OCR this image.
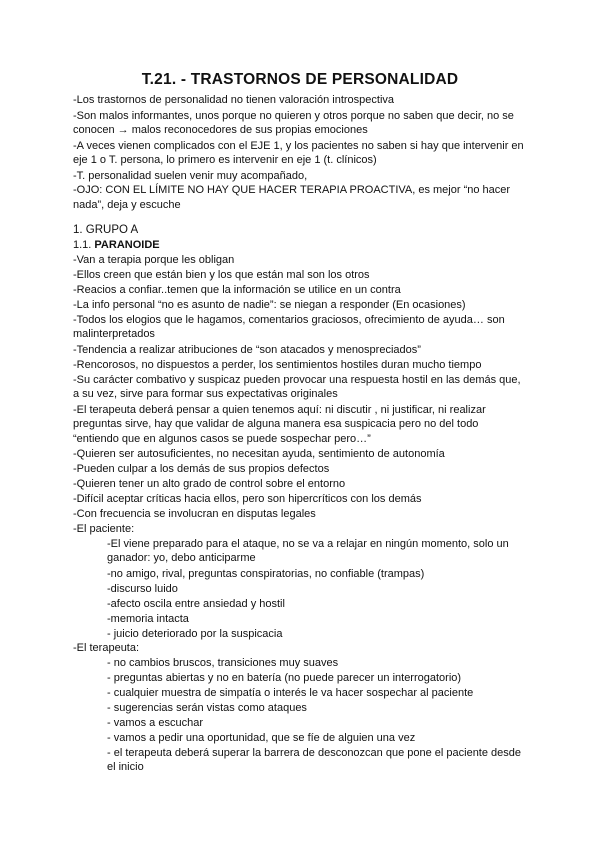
T.21. - TRASTORNOS DE PERSONALIDAD
-Los trastornos de personalidad no tienen valoración introspectiva
-Son malos informantes, unos porque no quieren y otros porque no saben que decir, no se
conocen → malos reconocedores de sus propias emociones
-A veces vienen complicados con el EJE 1, y los pacientes no saben si hay que intervenir en
eje 1 o T. persona, lo primero es intervenir en eje 1 (t. clínicos)
-T. personalidad suelen venir muy acompañado,
-OJO: CON EL LÍMITE NO HAY QUE HACER TERAPIA PROACTIVA, es mejor “no hacer
nada”, deja y escuche
1. GRUPO A
1.1. PARANOIDE
-Van a terapia porque les obligan
-Ellos creen que están bien y los que están mal son los otros
-Reacios a confiar..temen que la información se utilice en un contra
-La info personal “no es asunto de nadie”: se niegan a responder (En ocasiones)
-Todos los elogios que le hagamos, comentarios graciosos, ofrecimiento de ayuda… son
malinterpretados
-Tendencia a realizar atribuciones de “son atacados y menospreciados”
-Rencorosos, no dispuestos a perder, los sentimientos hostiles duran mucho tiempo
-Su carácter combativo y suspicaz pueden provocar una respuesta hostil en las demás que,
a su vez, sirve para formar sus expectativas originales
-El terapeuta deberá pensar a quien tenemos aquí: ni discutir , ni justificar, ni realizar
preguntas sirve, hay que validar de alguna manera esa suspicacia pero no del todo
“entiendo que en algunos casos se puede sospechar pero…”
-Quieren ser autosuficientes, no necesitan ayuda, sentimiento de autonomía
-Pueden culpar a los demás de sus propios defectos
-Quieren tener un alto grado de control sobre el entorno
-Difícil aceptar críticas hacia ellos, pero son hipercríticos con los demás
-Con frecuencia se involucran en disputas legales
-El paciente:
-El viene preparado para el ataque, no se va a relajar en ningún momento, solo un
ganador: yo, debo anticiparme
-no amigo, rival, preguntas conspiratorias, no confiable (trampas)
-discurso luido
-afecto oscila entre ansiedad y hostil
-memoria intacta
- juicio deteriorado por la suspicacia
-El terapeuta:
- no cambios bruscos, transiciones muy suaves
- preguntas abiertas y no en batería (no puede parecer un interrogatorio)
- cualquier muestra de simpatía o interés le va hacer sospechar al paciente
- sugerencias serán vistas como ataques
- vamos a escuchar
- vamos a pedir una oportunidad, que se fíe de alguien una vez
- el terapeuta deberá superar la barrera de desconozcan que pone el paciente desde
el inicio
